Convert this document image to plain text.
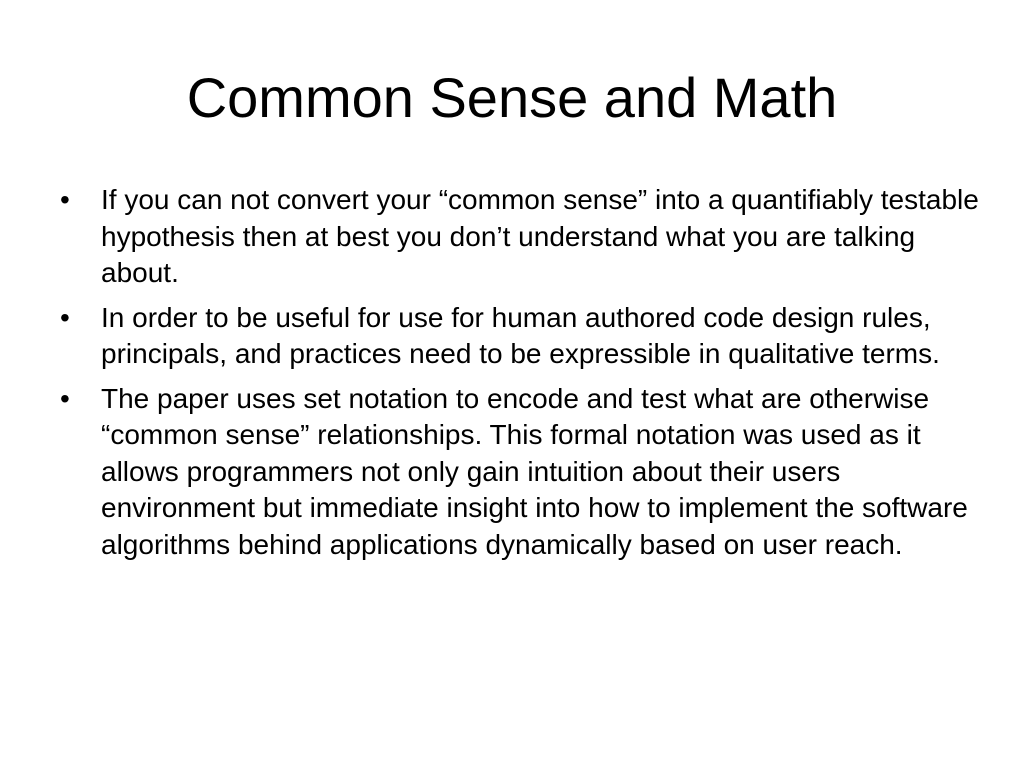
Common Sense and Math
•	If you can not convert your “common sense” into a quantifiably testable hypothesis then at best you don’t understand what you are talking about.
•	In order to be useful for use for human authored code design rules, principals, and practices need to be expressible in qualitative terms.
•	The paper uses set notation to encode and test what are otherwise “common sense” relationships. This formal notation was used as it allows programmers not only gain intuition about their users environment but immediate insight into how to implement the software algorithms behind applications dynamically based on user reach.
